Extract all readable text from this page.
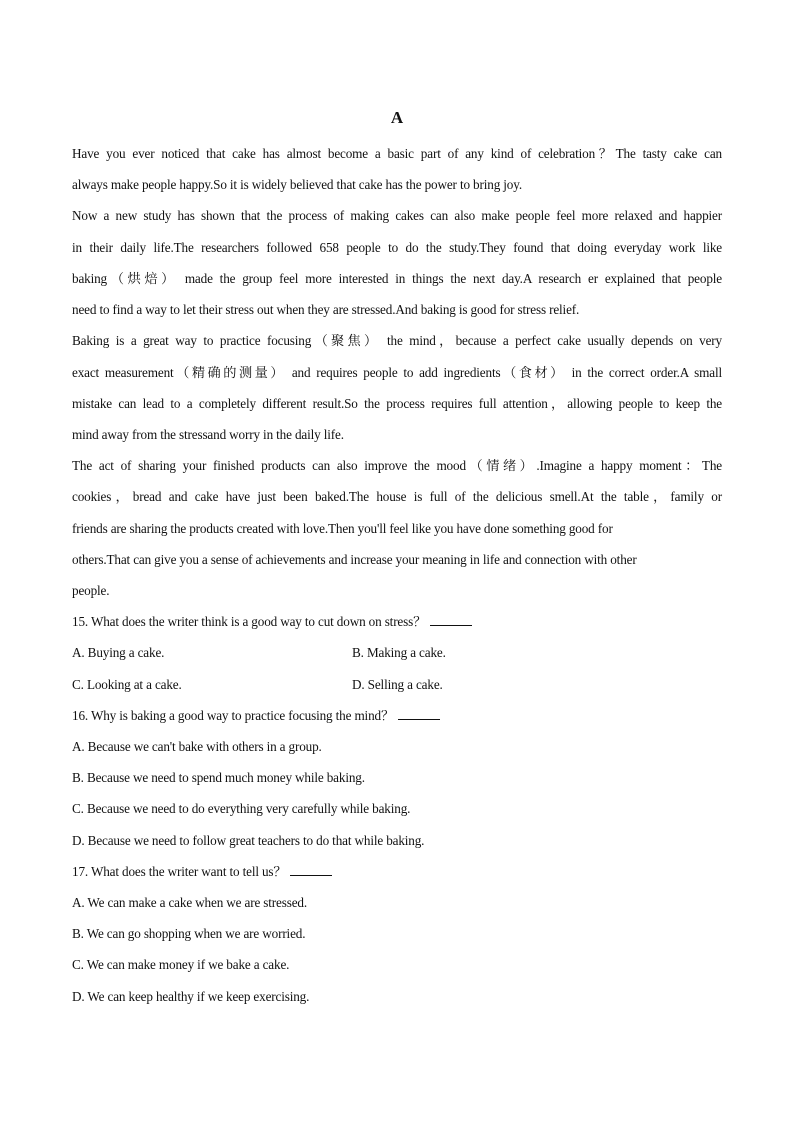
A
Have you ever noticed that cake has almost become a basic part of any kind of celebration？The tasty cake can
always make people happy.So it is widely believed that cake has the power to bring joy.
Now a new study has shown that the process of making cakes can also make people feel more relaxed and happier
in their daily life.The researchers followed 658 people to do the study.They found that doing everyday work like
baking（烘焙） made the group feel more interested in things the next day.A research er explained that people
need to find a way to let their stress out when they are stressed.And baking is good for stress relief.
Baking is a great way to practice focusing（聚焦） the mind，because a perfect cake usually depends on very
exact measurement（精确的测量） and requires people to add ingredients（食材） in the correct order.A small
mistake can lead to a completely different result.So the process requires full attention，allowing people to keep the
mind away from the stressand worry in the daily life.
The act of sharing your finished products can also improve the mood（情绪）.Imagine a happy moment：The
cookies，bread and cake have just been baked.The house is full of the delicious smell.At the table，family or
friends are sharing the products created with love.Then you'll feel like you have done something good for
others.That can give you a sense of achievements and increase your meaning in life and connection with other
people.
15. What does the writer think is a good way to cut down on stress？
A. Buying a cake.	B. Making a cake.
C. Looking at a cake.	D. Selling a cake.
16. Why is baking a good way to practice focusing the mind？
A. Because we can't bake with others in a group.
B. Because we need to spend much money while baking.
C. Because we need to do everything very carefully while baking.
D. Because we need to follow great teachers to do that while baking.
17. What does the writer want to tell us？
A. We can make a cake when we are stressed.
B. We can go shopping when we are worried.
C. We can make money if we bake a cake.
D. We can keep healthy if we keep exercising.
